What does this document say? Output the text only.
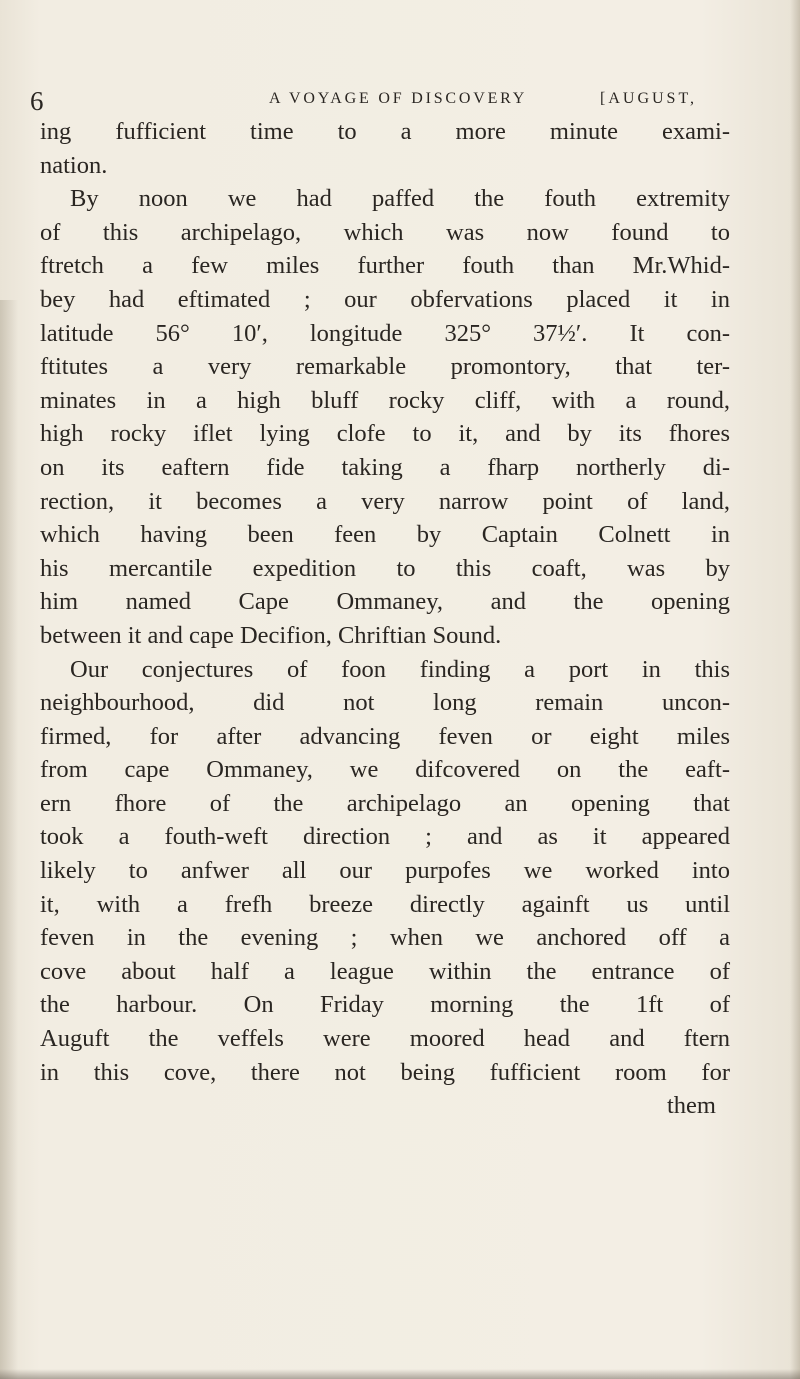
6	A VOYAGE OF DISCOVERY	[AUGUST,
ing fufficient time to a more minute exami-
nation.
By noon we had paffed the fouth extremity
of this archipelago, which was now found to
ftretch a few miles further fouth than Mr.Whid-
bey had eftimated ; our obfervations placed it in
latitude 56° 10′, longitude 325° 37½′. It con-
ftitutes a very remarkable promontory, that ter-
minates in a high bluff rocky cliff, with a round,
high rocky iflet lying clofe to it, and by its fhores
on its eaftern fide taking a fharp northerly di-
rection, it becomes a very narrow point of land,
which having been feen by Captain Colnett in
his mercantile expedition to this coaft, was by
him named Cape Ommaney, and the opening
between it and cape Decifion, Chriftian Sound.
Our conjectures of foon finding a port in this
neighbourhood, did not long remain uncon-
firmed, for after advancing feven or eight miles
from cape Ommaney, we difcovered on the eaft-
ern fhore of the archipelago an opening that
took a fouth-weft direction ; and as it appeared
likely to anfwer all our purpofes we worked into
it, with a frefh breeze directly againft us until
feven in the evening ; when we anchored off a
cove about half a league within the entrance of
the harbour. On Friday morning the 1ft of
Auguft the veffels were moored head and ftern
in this cove, there not being fufficient room for
them
